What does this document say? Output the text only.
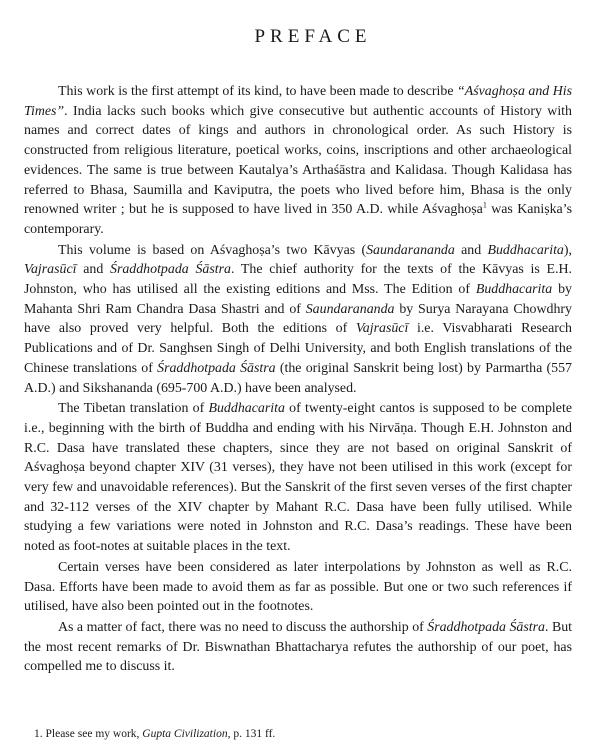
PREFACE

This work is the first attempt of its kind, to have been made to describe “Aśvaghoṣa and His Times”. India lacks such books which give consecutive but authentic accounts of History with names and correct dates of kings and authors in chronological order. As such History is constructed from religious literature, poetical works, coins, inscriptions and other archaeological evidences. The same is true between Kautalya’s Arthaśāstra and Kalidasa. Though Kalidasa has referred to Bhasa, Saumilla and Kaviputra, the poets who lived before him, Bhasa is the only renowned writer ; but he is supposed to have lived in 350 A.D. while Aśvaghoṣa$^1$ was Kaniṣka’s contemporary.

This volume is based on Aśvaghoṣa’s two Kāvyas (Saundarananda and Buddhacarita), Vajrasūcī and Śraddhotpada Śāstra. The chief authority for the texts of the Kāvyas is E.H. Johnston, who has utilised all the existing editions and Mss. The Edition of Buddhacarita by Mahanta Shri Ram Chandra Dasa Shastri and of Saundarananda by Surya Narayana Chowdhry have also proved very helpful. Both the editions of Vajrasūcī i.e. Visvabharati Research Publications and of Dr. Sanghsen Singh of Delhi University, and both English translations of the Chinese translations of Śraddhotpada Śāstra (the original Sanskrit being lost) by Parmartha (557 A.D.) and Sikshananda (695-700 A.D.) have been analysed.

The Tibetan translation of Buddhacarita of twenty-eight cantos is supposed to be complete i.e., beginning with the birth of Buddha and ending with his Nirvāṇa. Though E.H. Johnston and R.C. Dasa have translated these chapters, since they are not based on original Sanskrit of Aśvaghoṣa beyond chapter XIV (31 verses), they have not been utilised in this work (except for very few and unavoidable references). But the Sanskrit of the first seven verses of the first chapter and 32-112 verses of the XIV chapter by Mahant R.C. Dasa have been fully utilised. While studying a few variations were noted in Johnston and R.C. Dasa’s readings. These have been noted as foot-notes at suitable places in the text.

Certain verses have been considered as later interpolations by Johnston as well as R.C. Dasa. Efforts have been made to avoid them as far as possible. But one or two such references if utilised, have also been pointed out in the footnotes.

As a matter of fact, there was no need to discuss the authorship of Śraddhotpada Śāstra. But the most recent remarks of Dr. Biswnathan Bhattacharya refutes the authorship of our poet, has compelled me to discuss it.

1. Please see my work, Gupta Civilization, p. 131 ff.
